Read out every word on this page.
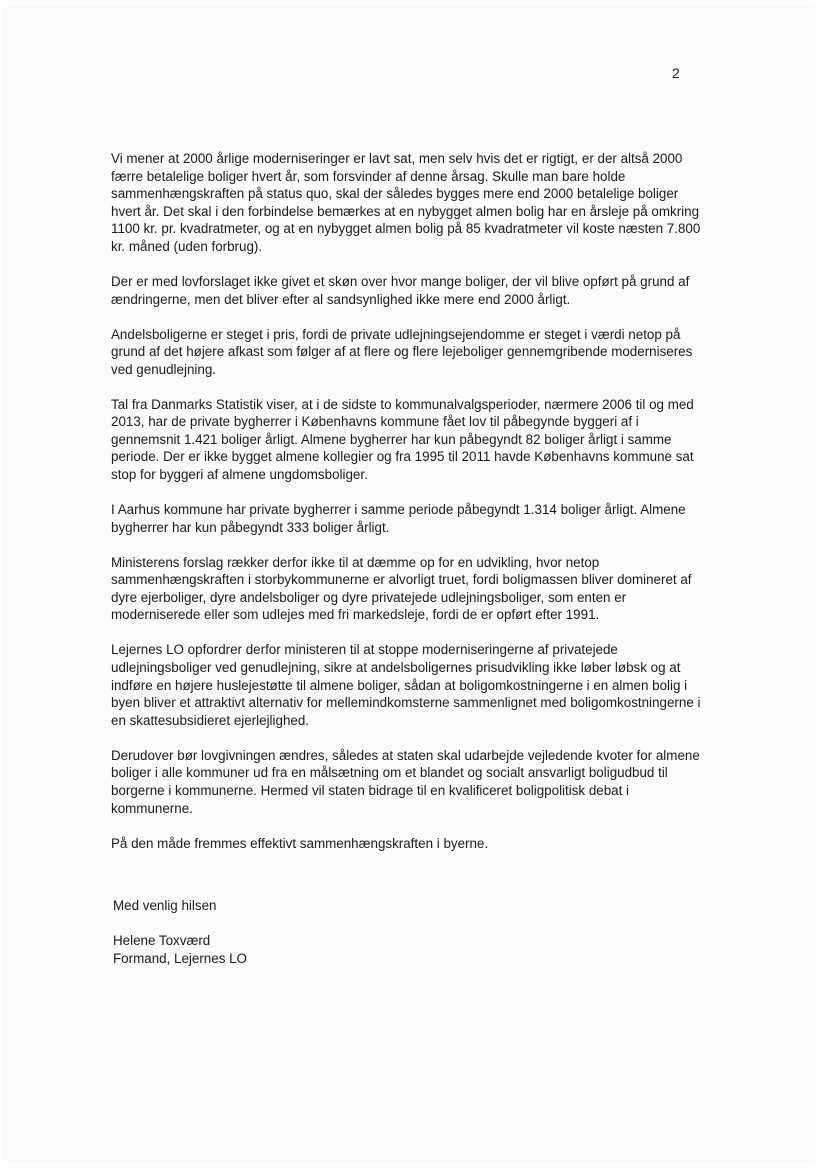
2

Vi mener at 2000 årlige moderniseringer er lavt sat, men selv hvis det er rigtigt, er der altså 2000 færre betalelige boliger hvert år, som forsvinder af denne årsag. Skulle man bare holde sammenhængskraften på status quo, skal der således bygges mere end 2000 betalelige boliger hvert år. Det skal i den forbindelse bemærkes at en nybygget almen bolig har en årsleje på omkring 1100 kr. pr. kvadratmeter, og at en nybygget almen bolig på 85 kvadratmeter vil koste næsten 7.800 kr. måned (uden forbrug).

Der er med lovforslaget ikke givet et skøn over hvor mange boliger, der vil blive opført på grund af ændringerne, men det bliver efter al sandsynlighed ikke mere end 2000 årligt.

Andelsboligerne er steget i pris, fordi de private udlejningsejendomme er steget i værdi netop på grund af det højere afkast som følger af at flere og flere lejeboliger gennemgribende moderniseres ved genudlejning.

Tal fra Danmarks Statistik viser, at i de sidste to kommunalvalgsperioder, nærmere 2006 til og med 2013, har de private bygherrer i Københavns kommune fået lov til påbegynde byggeri af i gennemsnit 1.421 boliger årligt. Almene bygherrer har kun påbegyndt 82 boliger årligt i samme periode. Der er ikke bygget almene kollegier og fra 1995 til 2011 havde Københavns kommune sat stop for byggeri af almene ungdomsboliger.

I Aarhus kommune har private bygherrer i samme periode påbegyndt 1.314 boliger årligt. Almene bygherrer har kun påbegyndt 333 boliger årligt.

Ministerens forslag rækker derfor ikke til at dæmme op for en udvikling, hvor netop sammenhængskraften i storbykommunerne er alvorligt truet, fordi boligmassen bliver domineret af dyre ejerboliger, dyre andelsboliger og dyre privatejede udlejningsboliger, som enten er moderniserede eller som udlejes med fri markedsleje, fordi de er opført efter 1991.

Lejernes LO opfordrer derfor ministeren til at stoppe moderniseringerne af privatejede udlejningsboliger ved genudlejning, sikre at andelsboligernes prisudvikling ikke løber løbsk og at indføre en højere huslejestøtte til almene boliger, sådan at boligomkostningerne i en almen bolig i byen bliver et attraktivt alternativ for mellemindkomsterne sammenlignet med boligomkostningerne i en skattesubsidieret ejerlejlighed.

Derudover bør lovgivningen ændres, således at staten skal udarbejde vejledende kvoter for almene boliger i alle kommuner ud fra en målsætning om et blandet og socialt ansvarligt boligudbud til borgerne i kommunerne. Hermed vil staten bidrage til en kvalificeret boligpolitisk debat i kommunerne.

På den måde fremmes effektivt sammenhængskraften i byerne.

Med venlig hilsen
Helene Toxværd
Formand, Lejernes LO
